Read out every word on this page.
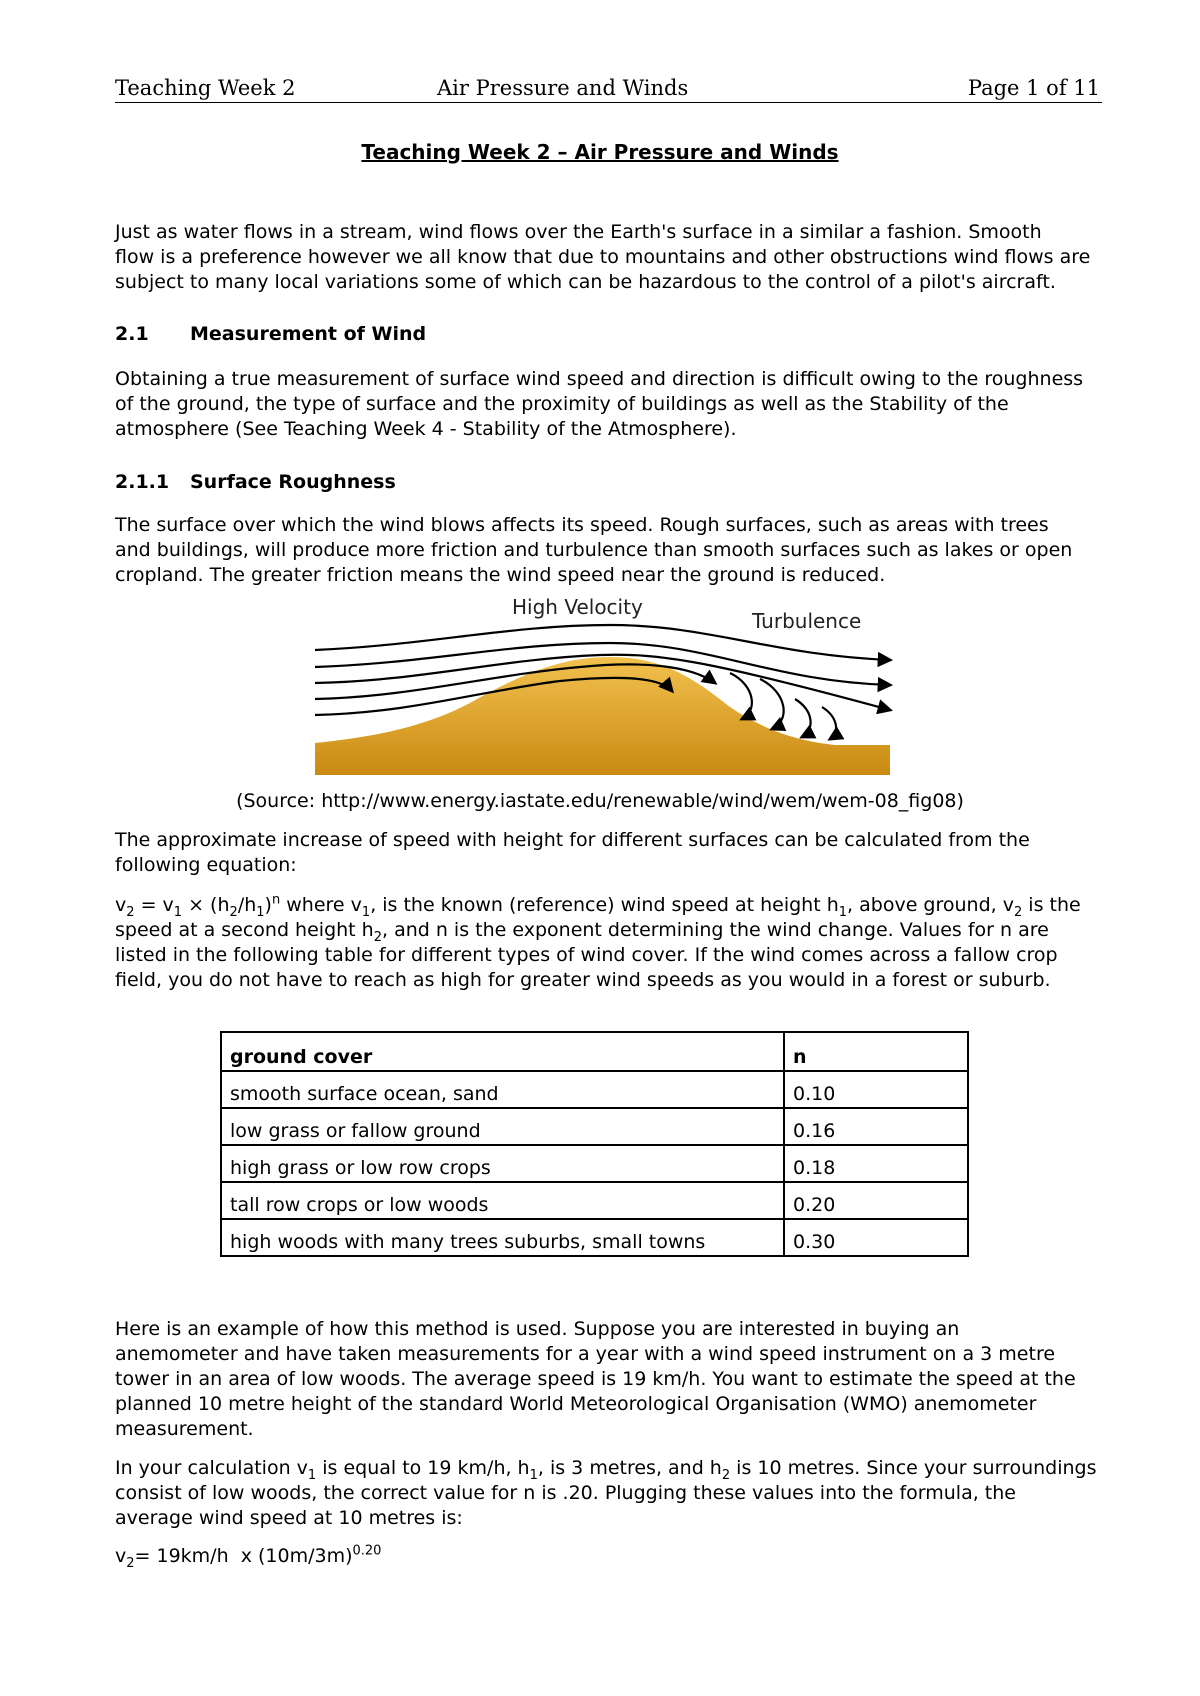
Teaching Week 2	Air Pressure and Winds	Page 1 of 11
Teaching Week 2 – Air Pressure and Winds
Just as water flows in a stream, wind flows over the Earth's surface in a similar a fashion. Smooth
flow is a preference however we all know that due to mountains and other obstructions wind flows are
subject to many local variations some of which can be hazardous to the control of a pilot's aircraft.
2.1 Measurement of Wind
Obtaining a true measurement of surface wind speed and direction is difficult owing to the roughness
of the ground, the type of surface and the proximity of buildings as well as the Stability of the
atmosphere (See Teaching Week 4 - Stability of the Atmosphere).
2.1.1 Surface Roughness
The surface over which the wind blows affects its speed. Rough surfaces, such as areas with trees
and buildings, will produce more friction and turbulence than smooth surfaces such as lakes or open
cropland. The greater friction means the wind speed near the ground is reduced.
High Velocity
Turbulence
(Source: http://www.energy.iastate.edu/renewable/wind/wem/wem-08_fig08)
The approximate increase of speed with height for different surfaces can be calculated from the
following equation:
$v_2 = v_1 \times (h_2/h_1)^n$ where $v_1$, is the known (reference) wind speed at height $h_1$, above ground, $v_2$ is the
speed at a second height $h_2$, and n is the exponent determining the wind change. Values for n are
listed in the following table for different types of wind cover. If the wind comes across a fallow crop
field, you do not have to reach as high for greater wind speeds as you would in a forest or suburb.
ground cover	n
smooth surface ocean, sand	0.10
low grass or fallow ground	0.16
high grass or low row crops	0.18
tall row crops or low woods	0.20
high woods with many trees suburbs, small towns	0.30
Here is an example of how this method is used. Suppose you are interested in buying an
anemometer and have taken measurements for a year with a wind speed instrument on a 3 metre
tower in an area of low woods. The average speed is 19 km/h. You want to estimate the speed at the
planned 10 metre height of the standard World Meteorological Organisation (WMO) anemometer
measurement.
In your calculation $v_1$ is equal to 19 km/h, $h_1$, is 3 metres, and $h_2$ is 10 metres. Since your surroundings
consist of low woods, the correct value for n is .20. Plugging these values into the formula, the
average wind speed at 10 metres is:
$v_2= 19km/h$  x $(10m/3m)^{0.20}$
